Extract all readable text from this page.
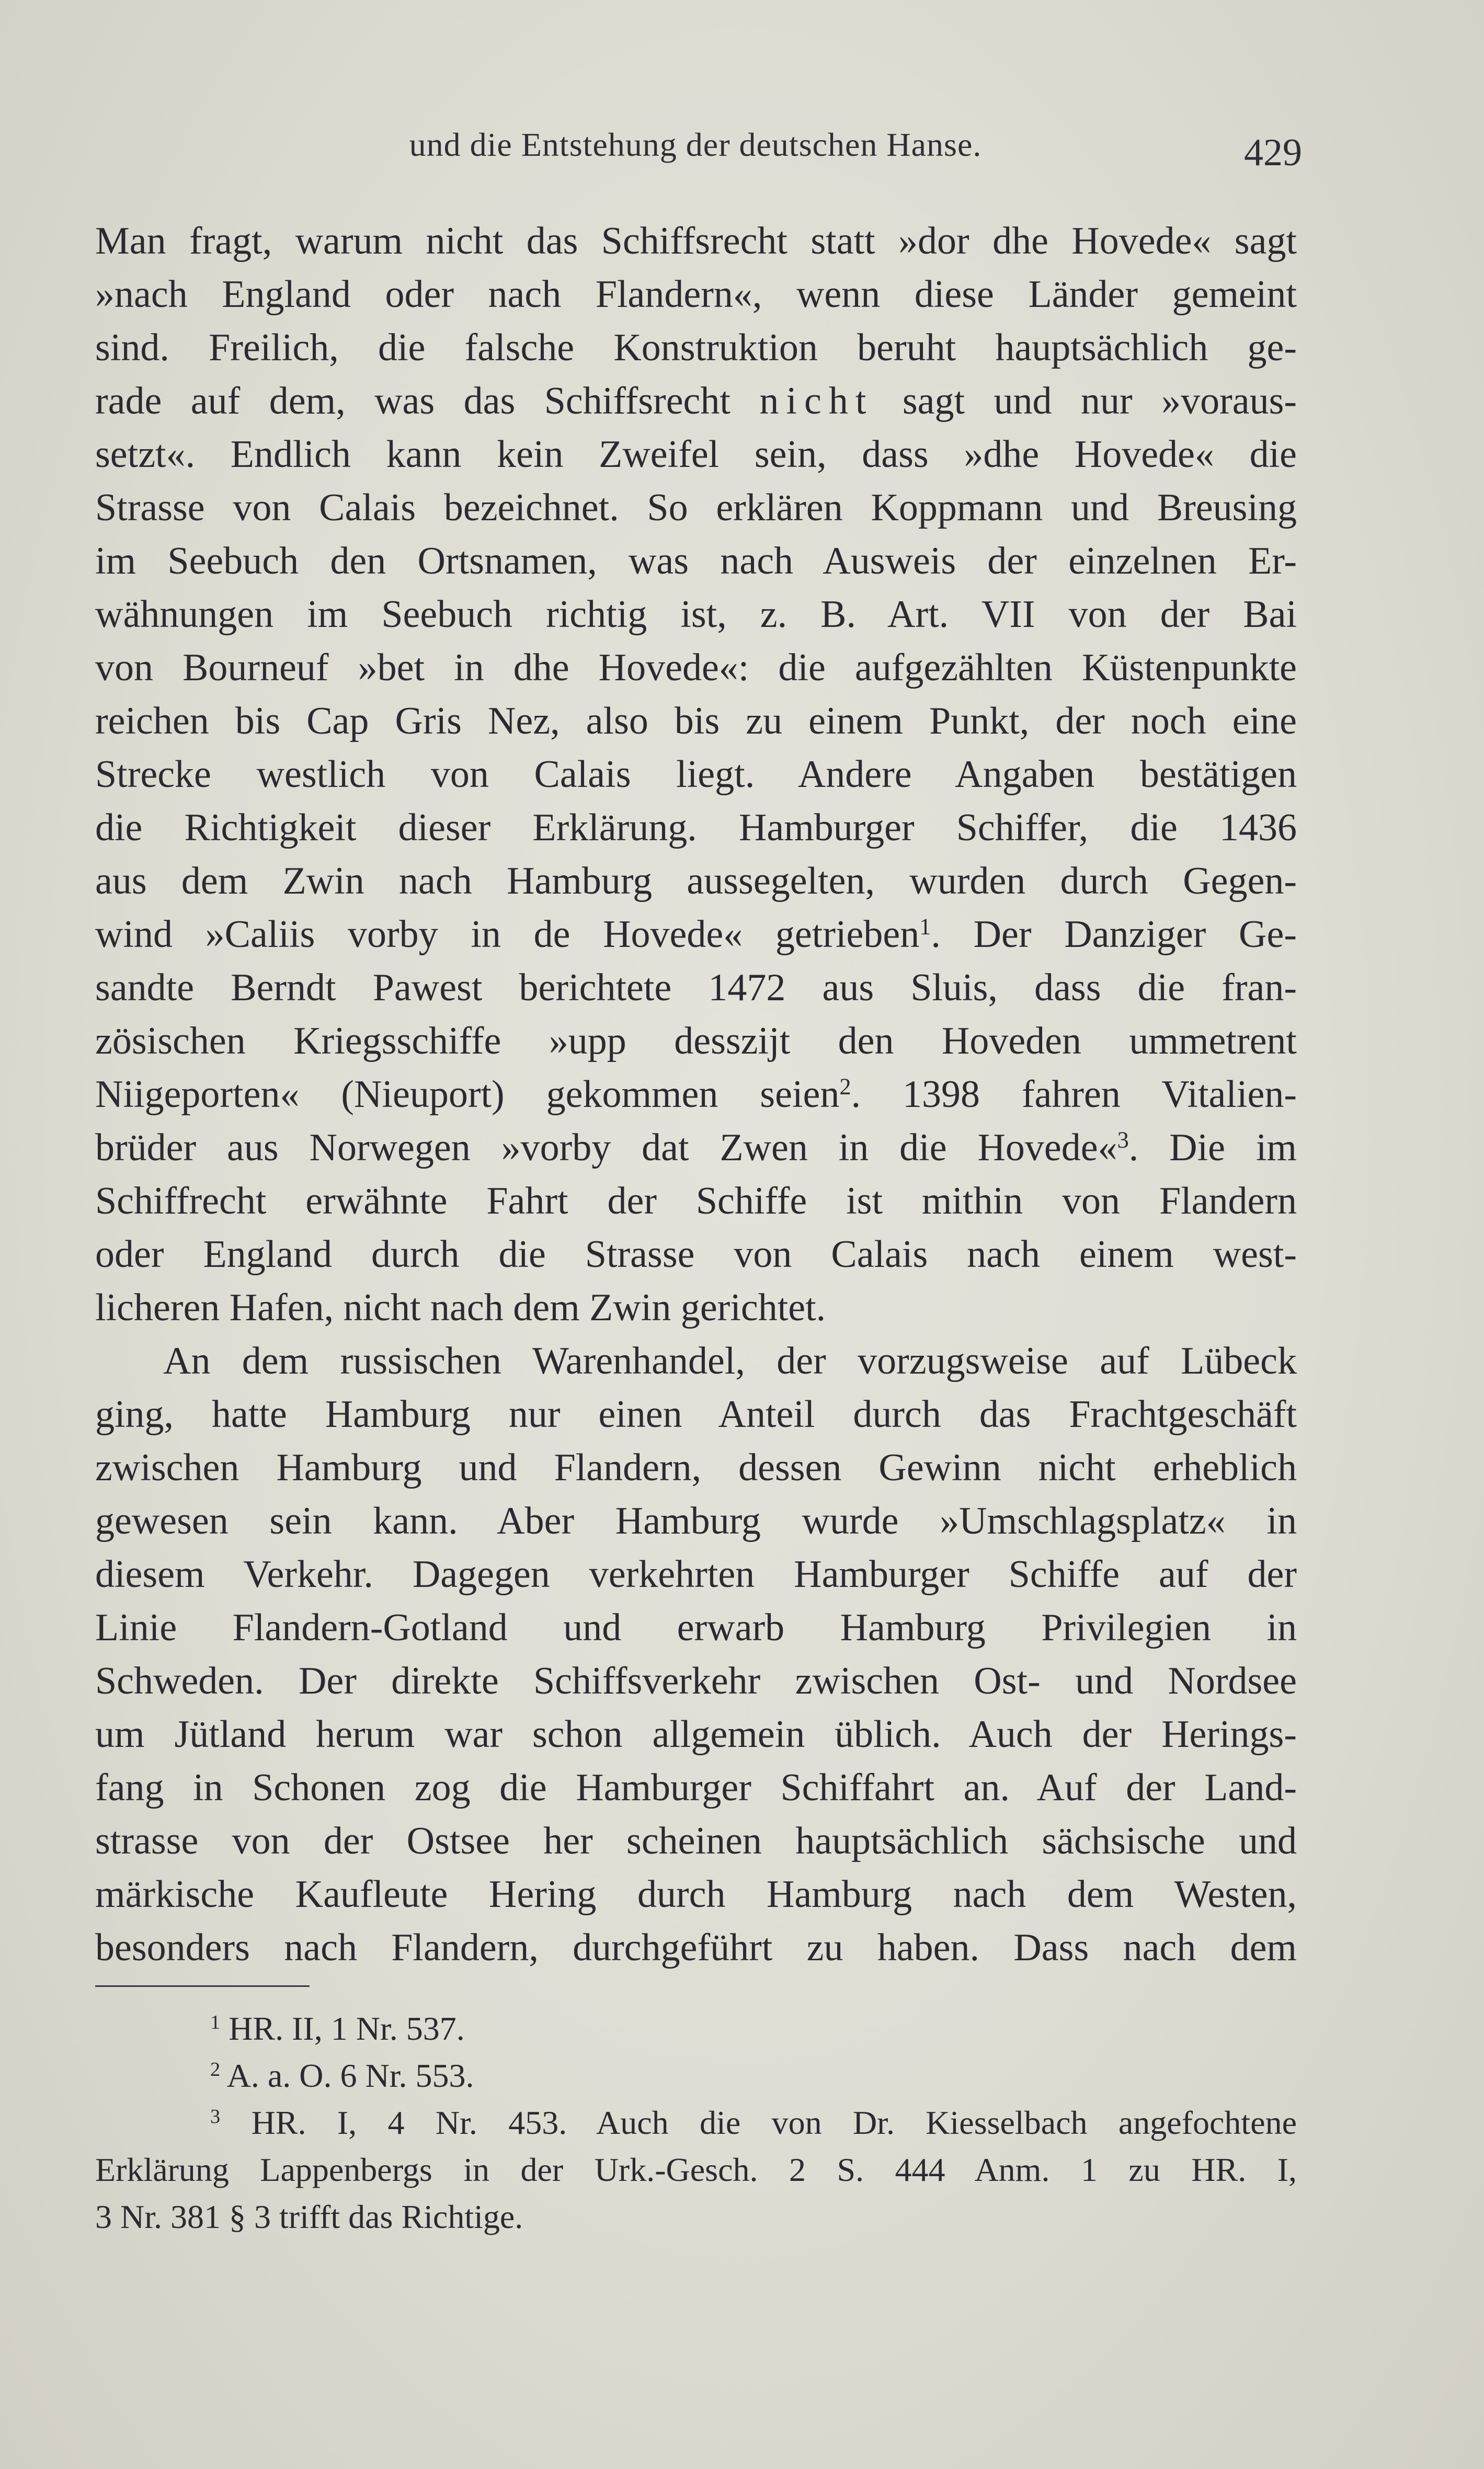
und die Entstehung der deutschen Hanse.	429
Man fragt, warum nicht das Schiffsrecht statt »dor dhe Hovede« sagt
»nach England oder nach Flandern«, wenn diese Länder gemeint
sind. Freilich, die falsche Konstruktion beruht hauptsächlich ge-
rade auf dem, was das Schiffsrecht nicht sagt und nur »voraus-
setzt«. Endlich kann kein Zweifel sein, dass »dhe Hovede« die
Strasse von Calais bezeichnet. So erklären Koppmann und Breusing
im Seebuch den Ortsnamen, was nach Ausweis der einzelnen Er-
wähnungen im Seebuch richtig ist, z. B. Art. VII von der Bai
von Bourneuf »bet in dhe Hovede«: die aufgezählten Küstenpunkte
reichen bis Cap Gris Nez, also bis zu einem Punkt, der noch eine
Strecke westlich von Calais liegt. Andere Angaben bestätigen
die Richtigkeit dieser Erklärung. Hamburger Schiffer, die 1436
aus dem Zwin nach Hamburg aussegelten, wurden durch Gegen-
wind »Caliis vorby in de Hovede« getrieben$^1$. Der Danziger Ge-
sandte Berndt Pawest berichtete 1472 aus Sluis, dass die fran-
zösischen Kriegsschiffe »upp desszijt den Hoveden ummetrent
Niigeporten« (Nieuport) gekommen seien$^2$. 1398 fahren Vitalien-
brüder aus Norwegen »vorby dat Zwen in die Hovede«$^3$. Die im
Schiffrecht erwähnte Fahrt der Schiffe ist mithin von Flandern
oder England durch die Strasse von Calais nach einem west-
licheren Hafen, nicht nach dem Zwin gerichtet.
An dem russischen Warenhandel, der vorzugsweise auf Lübeck
ging, hatte Hamburg nur einen Anteil durch das Frachtgeschäft
zwischen Hamburg und Flandern, dessen Gewinn nicht erheblich
gewesen sein kann. Aber Hamburg wurde »Umschlagsplatz« in
diesem Verkehr. Dagegen verkehrten Hamburger Schiffe auf der
Linie Flandern-Gotland und erwarb Hamburg Privilegien in
Schweden. Der direkte Schiffsverkehr zwischen Ost- und Nordsee
um Jütland herum war schon allgemein üblich. Auch der Herings-
fang in Schonen zog die Hamburger Schiffahrt an. Auf der Land-
strasse von der Ostsee her scheinen hauptsächlich sächsische und
märkische Kaufleute Hering durch Hamburg nach dem Westen,
besonders nach Flandern, durchgeführt zu haben. Dass nach dem
$^1$ HR. II, 1 Nr. 537.
$^2$ A. a. O. 6 Nr. 553.
$^3$ HR. I, 4 Nr. 453. Auch die von Dr. Kiesselbach angefochtene
Erklärung Lappenbergs in der Urk.-Gesch. 2 S. 444 Anm. 1 zu HR. I,
3 Nr. 381 § 3 trifft das Richtige.
